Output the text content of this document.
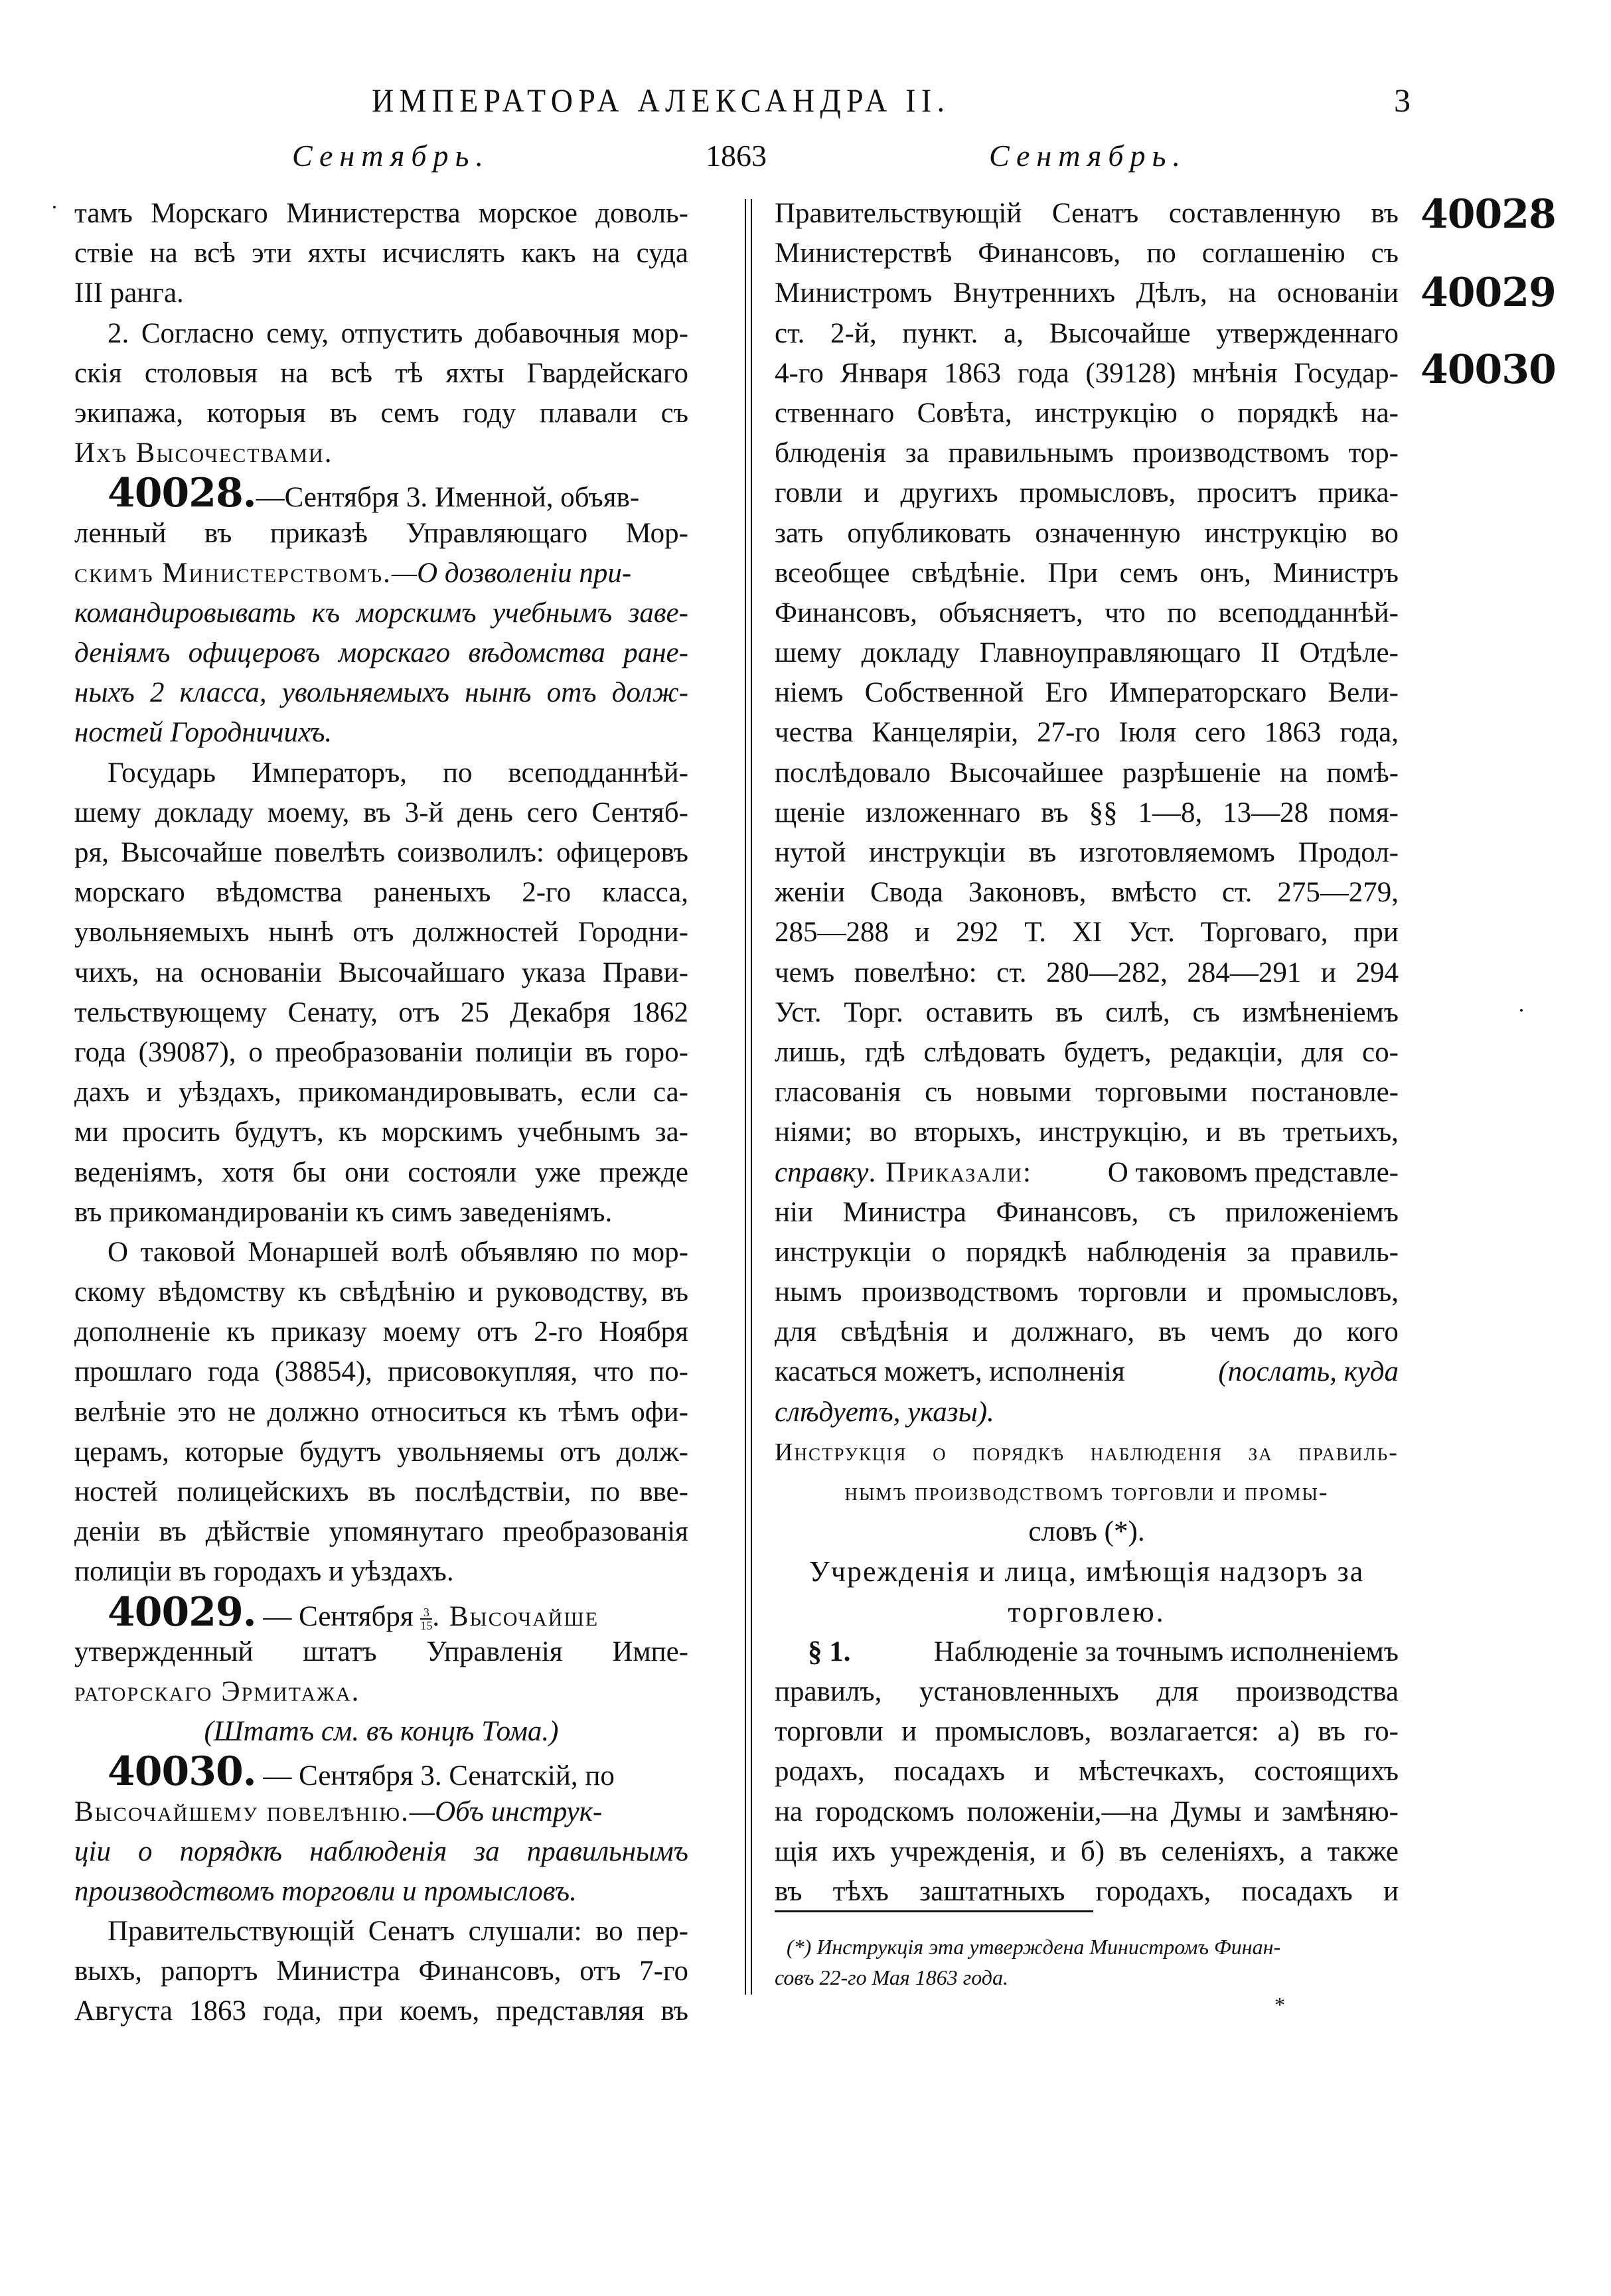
ИМПЕРАТОРА АЛЕКСАНДРА II.	3
Сентябрь.	1863	Сентябрь.
40028
40029
40030
тамъ Морскаго Министерства морское доволь-
ствіе на всѣ эти яхты исчислять какъ на суда
III ранга.
2. Согласно сему, отпустить добавочныя мор-
скія столовыя на всѣ тѣ яхты Гвардейскаго
экипажа, которыя въ семъ году плавали съ
Ихъ Высочествами.
40028. —Сентября 3. Именной, объяв-
ленный въ приказѣ Управляющаго Мор-
скимъ Министерствомъ. —О дозволеніи при-
командировывать къ морскимъ учебнымъ заве-
деніямъ офицеровъ морскаго вѣдомства ране-
ныхъ 2 класса, увольняемыхъ нынѣ отъ долж-
ностей Городничихъ.
Государь Императоръ, по всеподданнѣй-
шему докладу моему, въ 3-й день сего Сентяб-
ря, Высочайше повелѣть соизволилъ: офицеровъ
морскаго вѣдомства раненыхъ 2-го класса,
увольняемыхъ нынѣ отъ должностей Городни-
чихъ, на основаніи Высочайшаго указа Прави-
тельствующему Сенату, отъ 25 Декабря 1862
года (39087), о преобразованіи полиціи въ горо-
дахъ и уѣздахъ, прикомандировывать, если са-
ми просить будутъ, къ морскимъ учебнымъ за-
веденіямъ, хотя бы они состояли уже прежде
въ прикомандированіи къ симъ заведеніямъ.
О таковой Монаршей волѣ объявляю по мор-
скому вѣдомству къ свѣдѣнію и руководству, въ
дополненіе къ приказу моему отъ 2-го Ноября
прошлаго года (38854), присовокупляя, что по-
велѣніе это не должно относиться къ тѣмъ офи-
церамъ, которые будутъ увольняемы отъ долж-
ностей полицейскихъ въ послѣдствіи, по вве-
деніи въ дѣйствіе упомянутаго преобразованія
полиціи въ городахъ и уѣздахъ.
40029. — Сентября $\frac{3}{15}$ . Высочайше
утвержденный штатъ Управленія Импе-
раторскаго Эрмитажа.
(Штатъ см. въ концѣ Тома.)
40030. — Сентября 3. Сенатскій, по
Высочайшему повелѣнію. —Объ инструк-
ціи о порядкѣ наблюденія за правильнымъ
производствомъ торговли и промысловъ.
Правительствующій Сенатъ слушали: во пер-
выхъ, рапортъ Министра Финансовъ, отъ 7-го
Августа 1863 года, при коемъ, представляя въ
Правительствующій Сенатъ составленную въ
Министерствѣ Финансовъ, по соглашенію съ
Министромъ Внутреннихъ Дѣлъ, на основаніи
ст. 2-й, пункт. а, Высочайше утвержденнаго
4-го Января 1863 года (39128) мнѣнія Государ-
ственнаго Совѣта, инструкцію о порядкѣ на-
блюденія за правильнымъ производствомъ тор-
говли и другихъ промысловъ, проситъ прика-
зать опубликовать означенную инструкцію во
всеобщее свѣдѣніе. При семъ онъ, Министръ
Финансовъ, объясняетъ, что по всеподданнѣй-
шему докладу Главноуправляющаго II Отдѣле-
ніемъ Собственной Его Императорскаго Вели-
чества Канцеляріи, 27-го Іюля сего 1863 года,
послѣдовало Высочайшее разрѣшеніе на помѣ-
щеніе изложеннаго въ §§ 1—8, 13—28 помя-
нутой инструкціи въ изготовляемомъ Продол-
женіи Свода Законовъ, вмѣсто ст. 275—279,
285—288 и 292 Т. XI Уст. Торговаго, при
чемъ повелѣно: ст. 280—282, 284—291 и 294
Уст. Торг. оставить въ силѣ, съ измѣненіемъ
лишь, гдѣ слѣдовать будетъ, редакціи, для со-
гласованія съ новыми торговыми постановле-
ніями; во вторыхъ, инструкцію, и въ третьихъ,
справку. Приказали:	О таковомъ представле-
ніи Министра Финансовъ, съ приложеніемъ
инструкціи о порядкѣ наблюденія за правиль-
нымъ производствомъ торговли и промысловъ,
для свѣдѣнія и должнаго, въ чемъ до кого
касаться можетъ, исполненія	(послать, куда
слѣдуетъ, указы).
Инструкція о порядкѣ наблюденія за правиль-
нымъ производствомъ торговли и промы-
словъ (*).
Учрежденія и лица, имѣющія надзоръ за
торговлею.
§ 1.	Наблюденіе за точнымъ исполненіемъ
правилъ, установленныхъ для производства
торговли и промысловъ, возлагается: а) въ го-
родахъ, посадахъ и мѣстечкахъ, состоящихъ
на городскомъ положеніи,—на Думы и замѣняю-
щія ихъ учрежденія, и б) въ селеніяхъ, а также
въ тѣхъ заштатныхъ городахъ, посадахъ и
(*) Инструкція эта утверждена Министромъ Финан-
совъ 22-го Мая 1863 года.
*
